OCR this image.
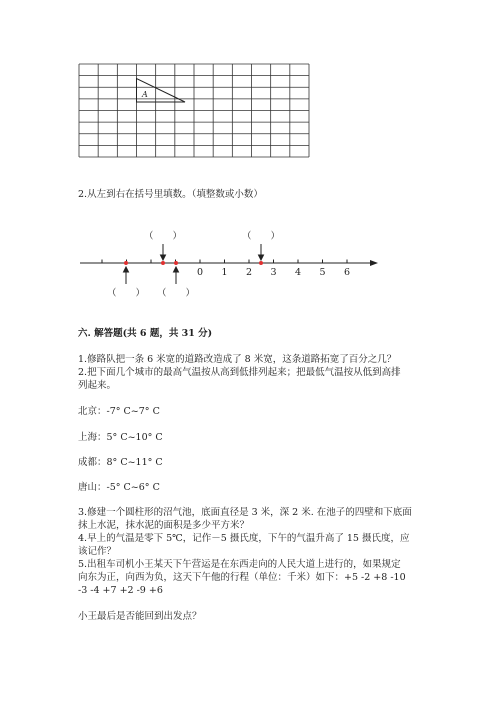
A
2.从左到右在括号里填数。（填整数或小数）
0 1 2 3 4 5 6
（　　）	（　　）
（　　） （　　）
六. 解答题(共 6 题，共 31 分)
1.修路队把一条 6 米宽的道路改造成了 8 米宽，这条道路拓宽了百分之几？
2.把下面几个城市的最高气温按从高到低排列起来；把最低气温按从低到高排
列起来。
北京：-7° C~7° C
上海：5° C~10° C
成都：8° C~11° C
唐山：-5° C~6° C
3.修建一个圆柱形的沼气池，底面直径是 3 米，深 2 米. 在池子的四壁和下底面
抹上水泥，抹水泥的面积是多少平方米？
4.早上的气温是零下 5℃，记作－5 摄氏度，下午的气温升高了 15 摄氏度，应
该记作？
5.出租车司机小王某天下午营运是在东西走向的人民大道上进行的，如果规定
向东为正，向西为负，这天下午他的行程（单位：千米）如下：+5 -2 +8 -10
-3 -4 +7 +2 -9 +6
小王最后是否能回到出发点？
